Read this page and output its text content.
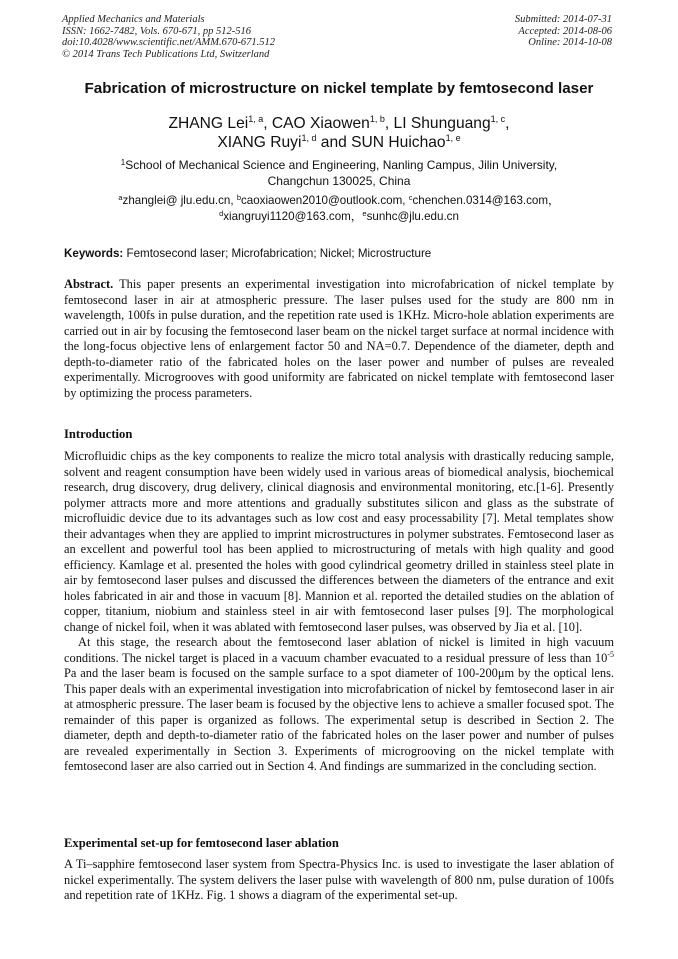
Applied Mechanics and Materials
ISSN: 1662-7482, Vols. 670-671, pp 512-516
doi:10.4028/www.scientific.net/AMM.670-671.512
© 2014 Trans Tech Publications Ltd, Switzerland
Submitted: 2014-07-31
Accepted: 2014-08-06
Online: 2014-10-08
Fabrication of microstructure on nickel template by femtosecond laser
ZHANG Lei$^{1, a}$, CAO Xiaowen$^{1, b}$, LI Shunguang$^{1, c}$,
XIANG Ruyi$^{1, d}$ and SUN Huichao$^{1, e}$
$^1$School of Mechanical Science and Engineering, Nanling Campus, Jilin University,
Changchun 130025, China
$^a$zhanglei@ jlu.edu.cn, $^b$caoxiaowen2010@outlook.com, $^c$chenchen.0314@163.com，
$^d$xiangruyi1120@163.com，$^e$sunhc@jlu.edu.cn
Keywords: Femtosecond laser; Microfabrication; Nickel; Microstructure

Abstract. This paper presents an experimental investigation into microfabrication of nickel template by femtosecond laser in air at atmospheric pressure. The laser pulses used for the study are 800 nm in wavelength, 100fs in pulse duration, and the repetition rate used is 1KHz. Micro-hole ablation experiments are carried out in air by focusing the femtosecond laser beam on the nickel target surface at normal incidence with the long-focus objective lens of enlargement factor 50 and NA=0.7. Dependence of the diameter, depth and depth-to-diameter ratio of the fabricated holes on the laser power and number of pulses are revealed experimentally. Microgrooves with good uniformity are fabricated on nickel template with femtosecond laser by optimizing the process parameters.

Introduction

Microfluidic chips as the key components to realize the micro total analysis with drastically reducing sample, solvent and reagent consumption have been widely used in various areas of biomedical analysis, biochemical research, drug discovery, drug delivery, clinical diagnosis and environmental monitoring, etc.[1-6]. Presently polymer attracts more and more attentions and gradually substitutes silicon and glass as the substrate of microfluidic device due to its advantages such as low cost and easy processability [7]. Metal templates show their advantages when they are applied to imprint microstructures in polymer substrates. Femtosecond laser as an excellent and powerful tool has been applied to microstructuring of metals with high quality and good efficiency. Kamlage et al. presented the holes with good cylindrical geometry drilled in stainless steel plate in air by femtosecond laser pulses and discussed the differences between the diameters of the entrance and exit holes fabricated in air and those in vacuum [8]. Mannion et al. reported the detailed studies on the ablation of copper, titanium, niobium and stainless steel in air with femtosecond laser pulses [9]. The morphological change of nickel foil, when it was ablated with femtosecond laser pulses, was observed by Jia et al. [10].

At this stage, the research about the femtosecond laser ablation of nickel is limited in high vacuum conditions. The nickel target is placed in a vacuum chamber evacuated to a residual pressure of less than $10^{-5}$ Pa and the laser beam is focused on the sample surface to a spot diameter of 100-200μm by the optical lens. This paper deals with an experimental investigation into microfabrication of nickel by femtosecond laser in air at atmospheric pressure. The laser beam is focused by the objective lens to achieve a smaller focused spot. The remainder of this paper is organized as follows. The experimental setup is described in Section 2. The diameter, depth and depth-to-diameter ratio of the fabricated holes on the laser power and number of pulses are revealed experimentally in Section 3. Experiments of microgrooving on the nickel template with femtosecond laser are also carried out in Section 4. And findings are summarized in the concluding section.

Experimental set-up for femtosecond laser ablation

A Ti–sapphire femtosecond laser system from Spectra-Physics Inc. is used to investigate the laser ablation of nickel experimentally. The system delivers the laser pulse with wavelength of 800 nm, pulse duration of 100fs and repetition rate of 1KHz. Fig. 1 shows a diagram of the experimental set-up.
